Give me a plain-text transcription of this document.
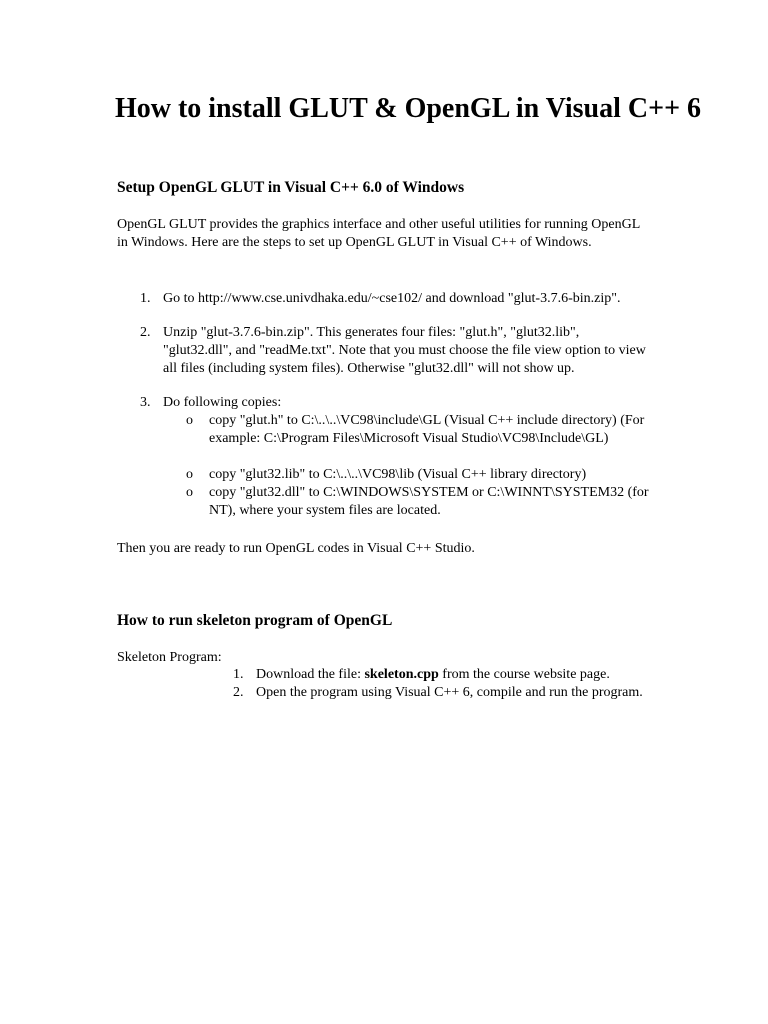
How to install GLUT & OpenGL in Visual C++ 6
Setup OpenGL GLUT in Visual C++ 6.0 of Windows

OpenGL GLUT provides the graphics interface and other useful utilities for running OpenGL in Windows. Here are the steps to set up OpenGL GLUT in Visual C++ of Windows.

1. Go to http://www.cse.univdhaka.edu/~cse102/ and download "glut-3.7.6-bin.zip".
2. Unzip "glut-3.7.6-bin.zip". This generates four files: "glut.h", "glut32.lib", "glut32.dll", and "readMe.txt". Note that you must choose the file view option to view all files (including system files). Otherwise "glut32.dll" will not show up.
3. Do following copies:
o copy "glut.h" to C:\..\..\VC98\include\GL (Visual C++ include directory) (For example: C:\Program Files\Microsoft Visual Studio\VC98\Include\GL)
o copy "glut32.lib" to C:\..\..\VC98\lib (Visual C++ library directory)
o copy "glut32.dll" to C:\WINDOWS\SYSTEM or C:\WINNT\SYSTEM32 (for NT), where your system files are located.

Then you are ready to run OpenGL codes in Visual C++ Studio.

How to run skeleton program of OpenGL

Skeleton Program:

1. Download the file: skeleton.cpp from the course website page.
2. Open the program using Visual C++ 6, compile and run the program.
